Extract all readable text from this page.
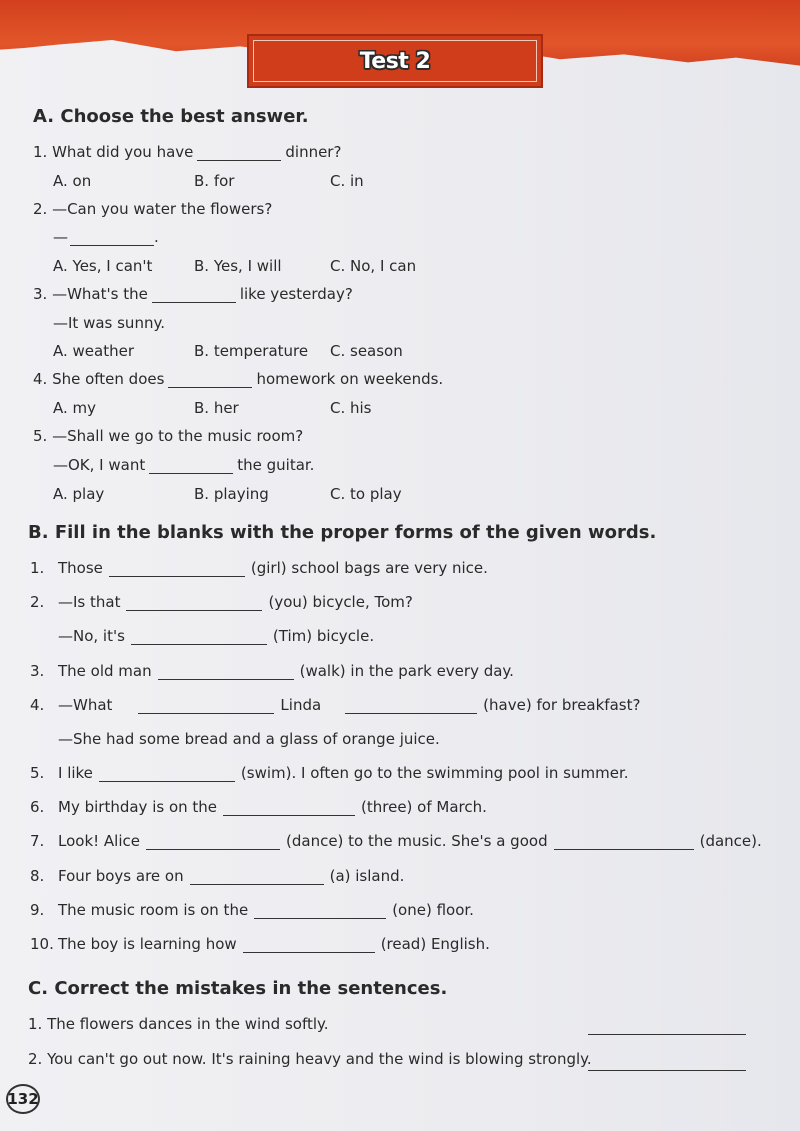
Test 2
A. Choose the best answer.
1. What did you have	dinner?
A. on	B. for	C. in
2. —Can you water the flowers?
—	.
A. Yes, I can't	B. Yes, I will	C. No, I can
3. —What's the	like yesterday?
—It was sunny.
A. weather	B. temperature C. season
4. She often does	homework on weekends.
A. my	B. her	C. his
5. —Shall we go to the music room?
—OK, I want	the guitar.
A. play	B. playing	C. to play
B. Fill in the blanks with the proper forms of the given words.
1. Those	(girl) school bags are very nice.
2. —Is that	(you) bicycle, Tom?
—No, it's	(Tim) bicycle.
3. The old man	(walk) in the park every day.
4. —What	Linda	(have) for breakfast?
—She had some bread and a glass of orange juice.
5. I like	(swim). I often go to the swimming pool in summer.
6. My birthday is on the	(three) of March.
7. Look! Alice	(dance) to the music. She's a good	(dance).
8. Four boys are on	(a) island.
9. The music room is on the	(one) floor.
10. The boy is learning how	(read) English.
C. Correct the mistakes in the sentences.
1. The flowers dances in the wind softly.
2. You can't go out now. It's raining heavy and the wind is blowing strongly.
132
